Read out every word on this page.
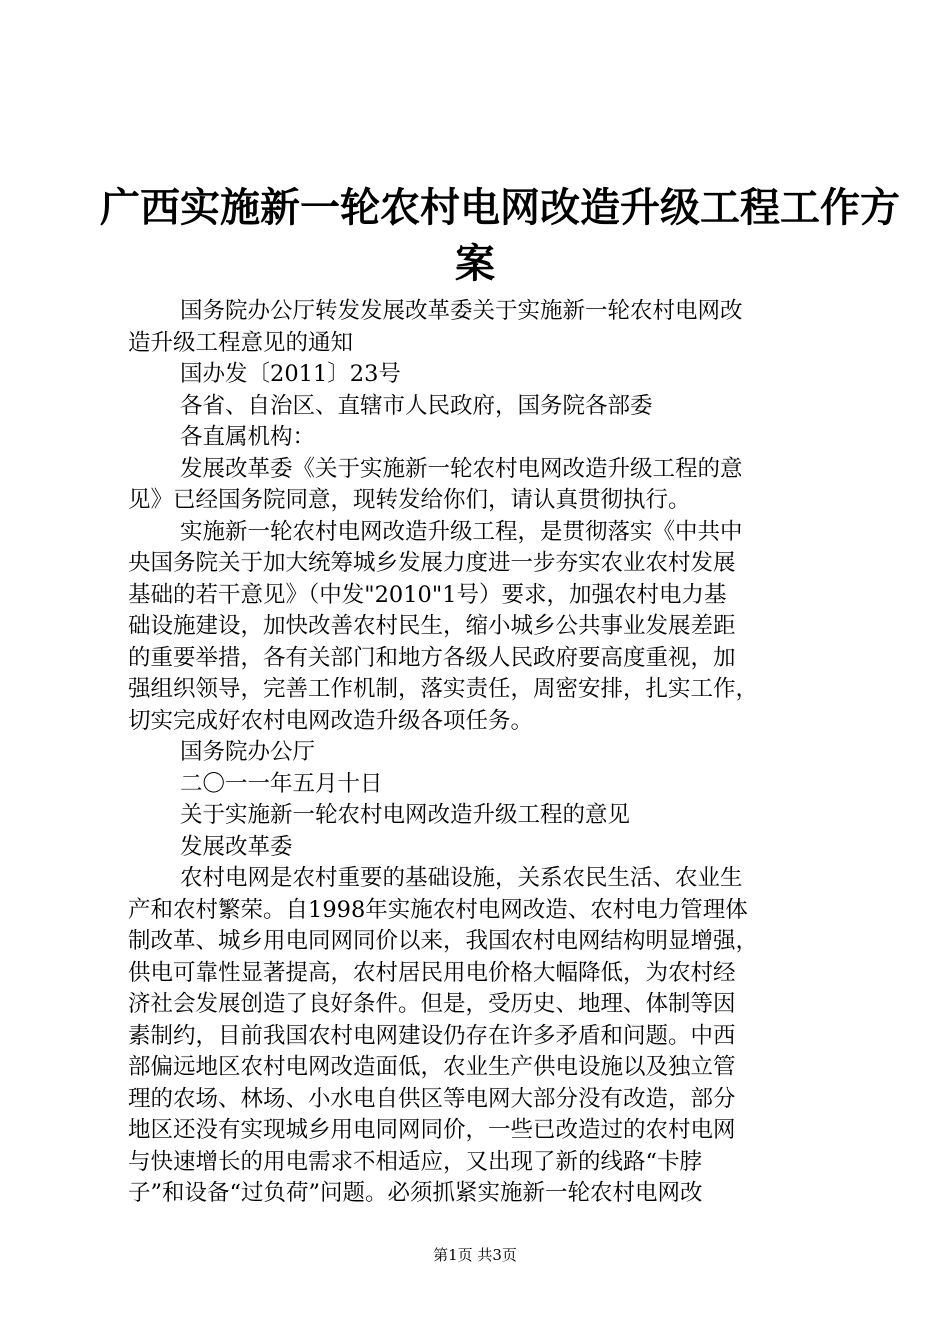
广西实施新一轮农村电网改造升级工程工作方
案

国务院办公厅转发发展改革委关于实施新一轮农村电网改

造升级工程意见的通知

国办发〔2011〕23号

各省、自治区、直辖市人民政府，国务院各部委

各直属机构：

发展改革委《关于实施新一轮农村电网改造升级工程的意

见》已经国务院同意，现转发给你们，请认真贯彻执行。

实施新一轮农村电网改造升级工程，是贯彻落实《中共中

央国务院关于加大统筹城乡发展力度进一步夯实农业农村发展

基础的若干意见》（中发"2010"1号）要求，加强农村电力基

础设施建设，加快改善农村民生，缩小城乡公共事业发展差距

的重要举措，各有关部门和地方各级人民政府要高度重视，加

强组织领导，完善工作机制，落实责任，周密安排，扎实工作，

切实完成好农村电网改造升级各项任务。

国务院办公厅

二〇一一年五月十日

关于实施新一轮农村电网改造升级工程的意见

发展改革委

农村电网是农村重要的基础设施，关系农民生活、农业生

产和农村繁荣。自1998年实施农村电网改造、农村电力管理体

制改革、城乡用电同网同价以来，我国农村电网结构明显增强，

供电可靠性显著提高，农村居民用电价格大幅降低，为农村经

济社会发展创造了良好条件。但是，受历史、地理、体制等因

素制约，目前我国农村电网建设仍存在许多矛盾和问题。中西

部偏远地区农村电网改造面低，农业生产供电设施以及独立管

理的农场、林场、小水电自供区等电网大部分没有改造，部分

地区还没有实现城乡用电同网同价，一些已改造过的农村电网

与快速增长的用电需求不相适应，又出现了新的线路“卡脖

子”和设备“过负荷”问题。必须抓紧实施新一轮农村电网改

第1页 共3页
